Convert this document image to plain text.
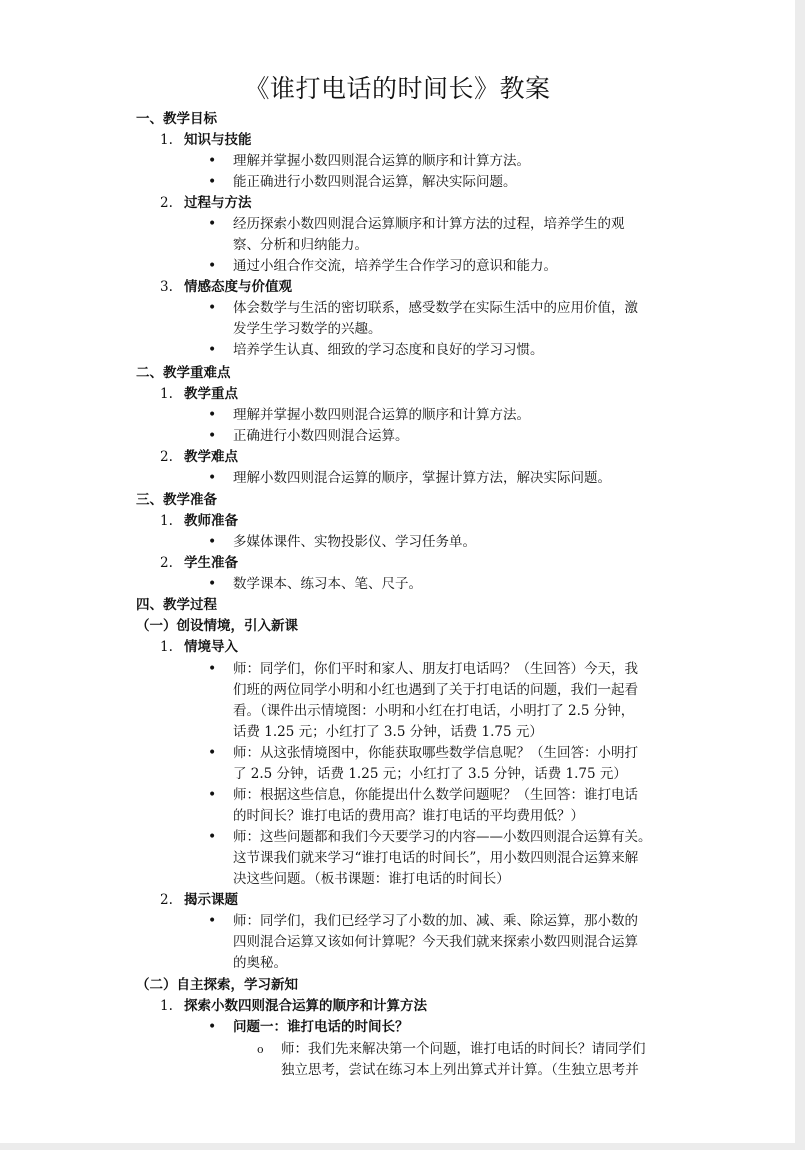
《谁打电话的时间长》教案
一、教学目标
1. 知识与技能
• 理解并掌握小数四则混合运算的顺序和计算方法。
• 能正确进行小数四则混合运算，解决实际问题。
2. 过程与方法
• 经历探索小数四则混合运算顺序和计算方法的过程，培养学生的观
察、分析和归纳能力。
• 通过小组合作交流，培养学生合作学习的意识和能力。
3. 情感态度与价值观
• 体会数学与生活的密切联系，感受数学在实际生活中的应用价值，激
发学生学习数学的兴趣。
• 培养学生认真、细致的学习态度和良好的学习习惯。
二、教学重难点
1. 教学重点
• 理解并掌握小数四则混合运算的顺序和计算方法。
• 正确进行小数四则混合运算。
2. 教学难点
• 理解小数四则混合运算的顺序，掌握计算方法，解决实际问题。
三、教学准备
1. 教师准备
• 多媒体课件、实物投影仪、学习任务单。
2. 学生准备
• 数学课本、练习本、笔、尺子。
四、教学过程
（一）创设情境，引入新课
1. 情境导入
• 师：同学们，你们平时和家人、朋友打电话吗？（生回答）今天，我
们班的两位同学小明和小红也遇到了关于打电话的问题，我们一起看
看。（课件出示情境图：小明和小红在打电话，小明打了 2.5 分钟，
话费 1.25 元；小红打了 3.5 分钟，话费 1.75 元）
• 师：从这张情境图中，你能获取哪些数学信息呢？（生回答：小明打
了 2.5 分钟，话费 1.25 元；小红打了 3.5 分钟，话费 1.75 元）
• 师：根据这些信息，你能提出什么数学问题呢？（生回答：谁打电话
的时间长？谁打电话的费用高？谁打电话的平均费用低？）
• 师：这些问题都和我们今天要学习的内容——小数四则混合运算有关。
这节课我们就来学习“谁打电话的时间长”，用小数四则混合运算来解
决这些问题。（板书课题：谁打电话的时间长）
2. 揭示课题
• 师：同学们，我们已经学习了小数的加、减、乘、除运算，那小数的
四则混合运算又该如何计算呢？今天我们就来探索小数四则混合运算
的奥秘。
（二）自主探索，学习新知
1. 探索小数四则混合运算的顺序和计算方法
• 问题一：谁打电话的时间长？
o 师：我们先来解决第一个问题，谁打电话的时间长？请同学们
独立思考，尝试在练习本上列出算式并计算。（生独立思考并
